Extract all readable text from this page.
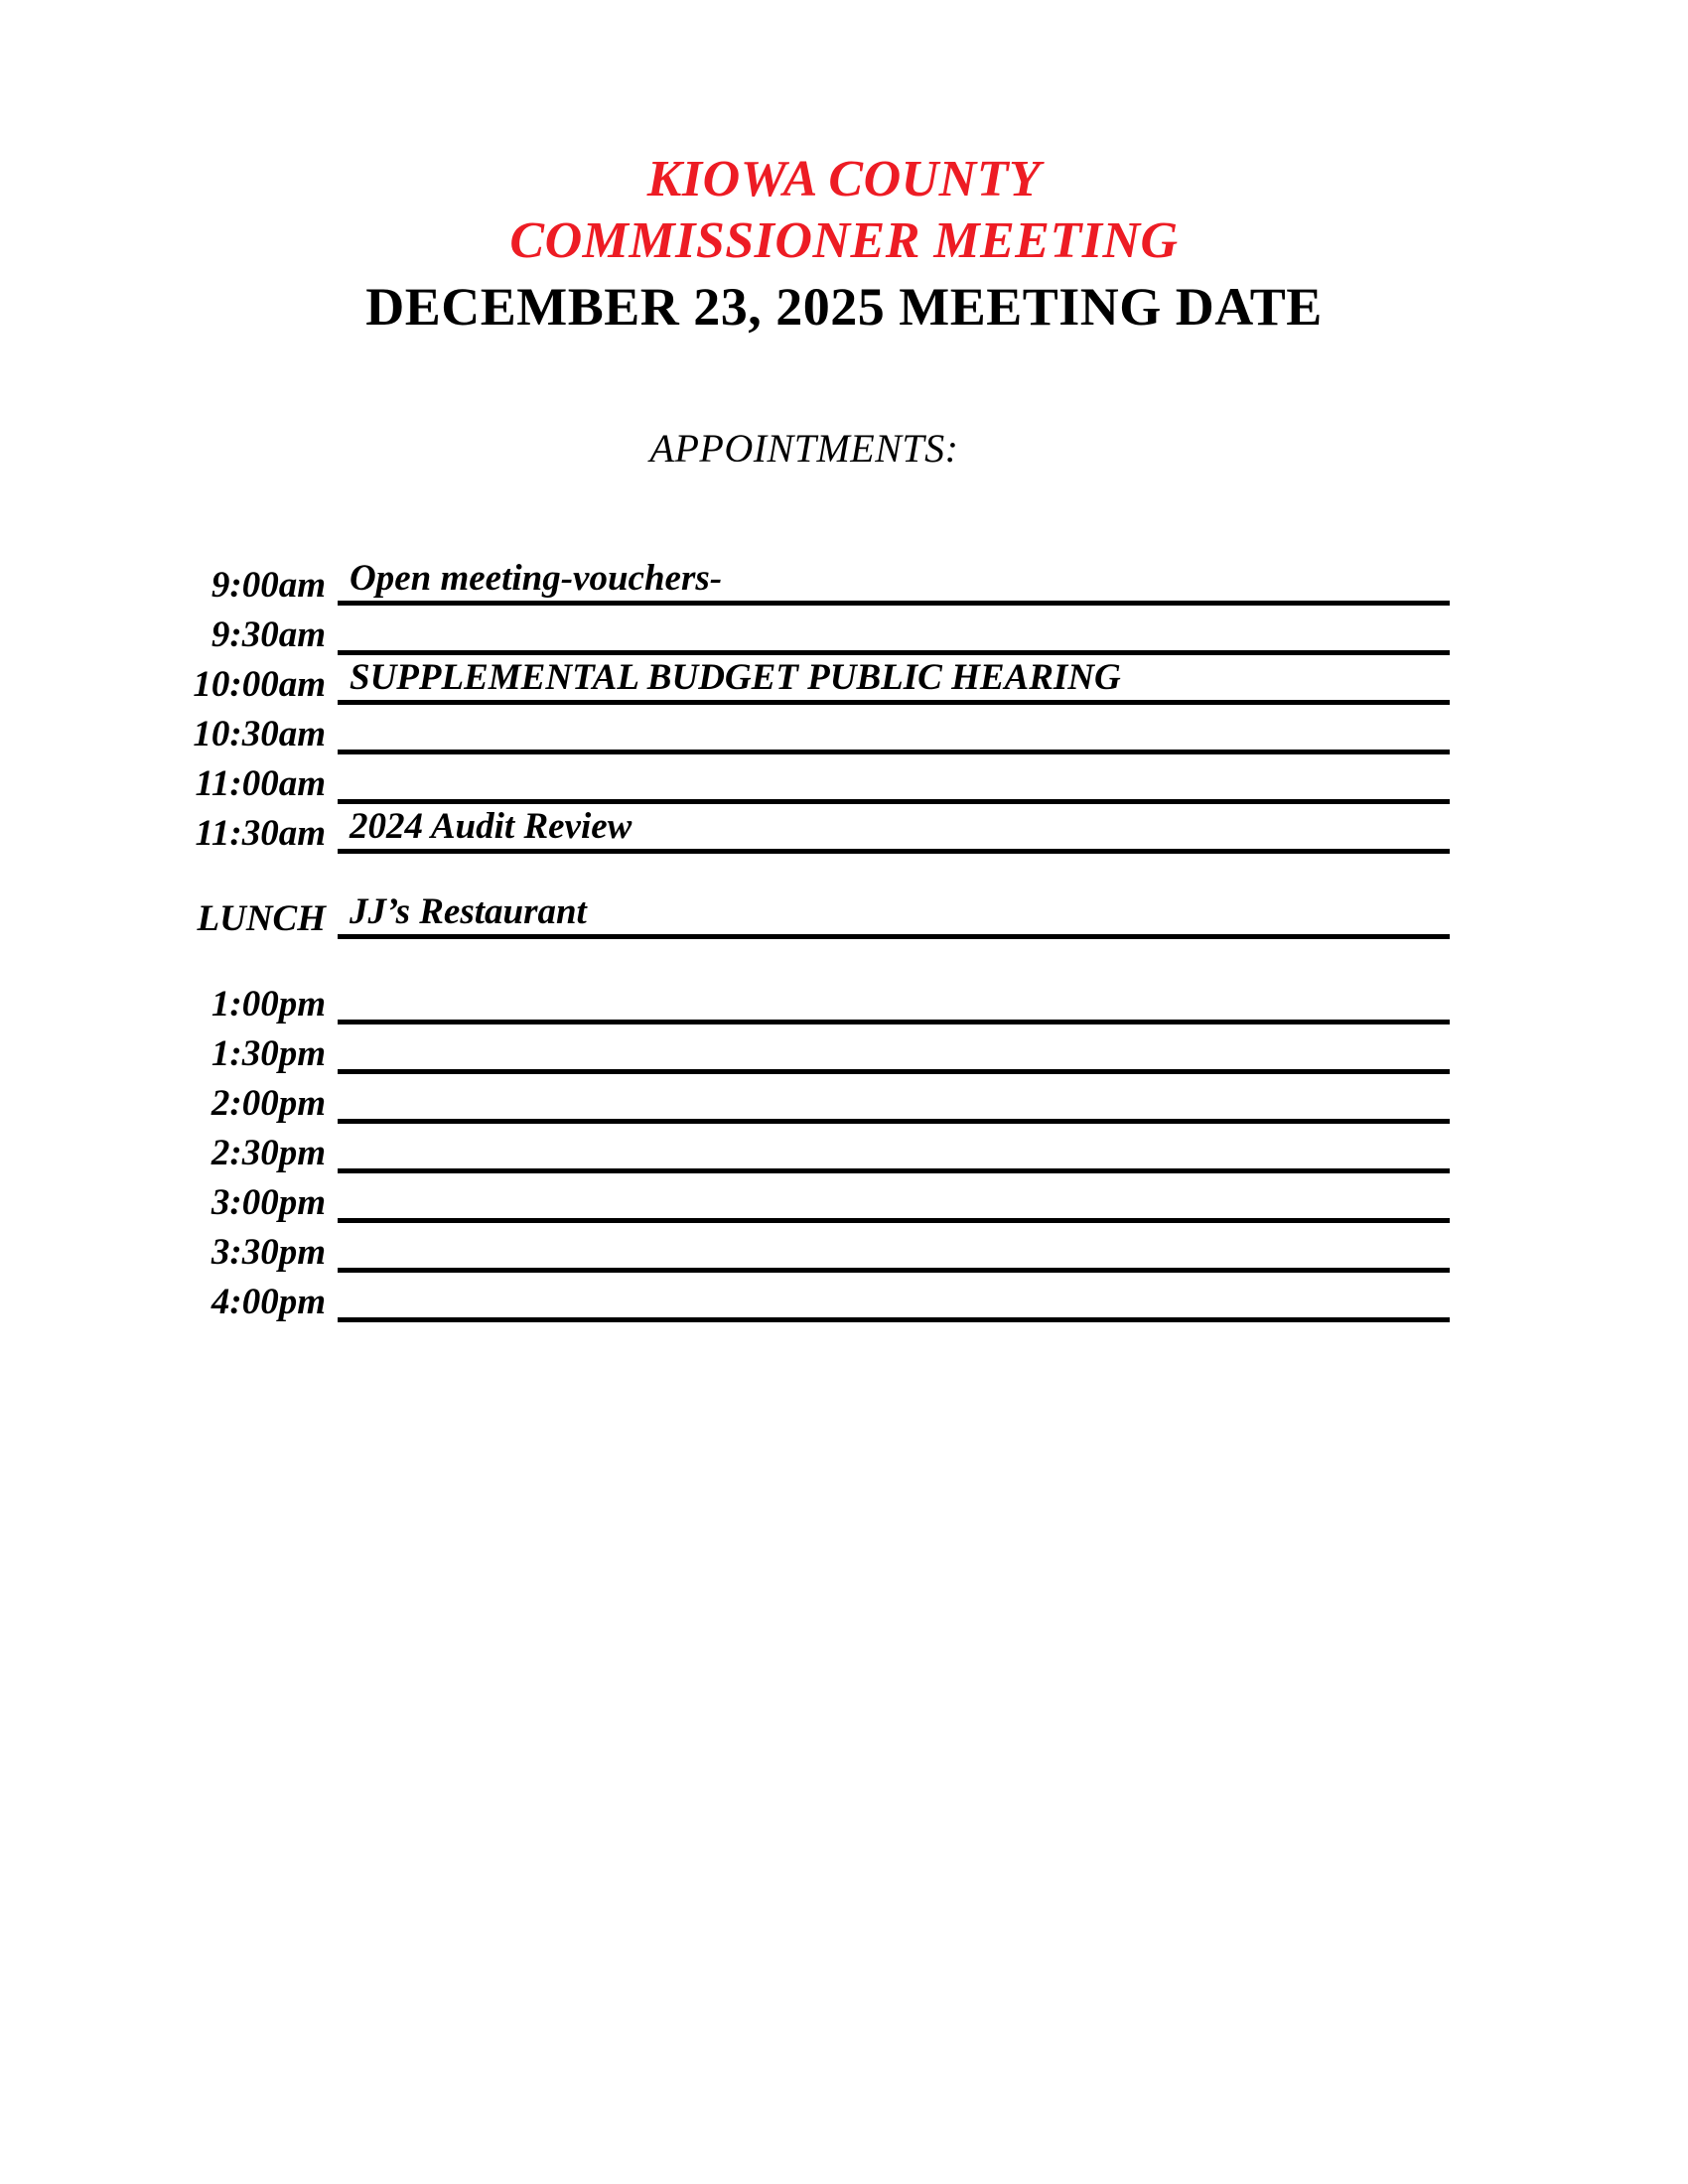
KIOWA COUNTY
COMMISSIONER MEETING
DECEMBER 23, 2025 MEETING DATE
APPOINTMENTS:
9:00am Open meeting-vouchers-
9:30am
10:00am SUPPLEMENTAL BUDGET PUBLIC HEARING
10:30am
11:00am
11:30am 2024 Audit Review
LUNCH JJ’s Restaurant
1:00pm
1:30pm
2:00pm
2:30pm
3:00pm
3:30pm
4:00pm
